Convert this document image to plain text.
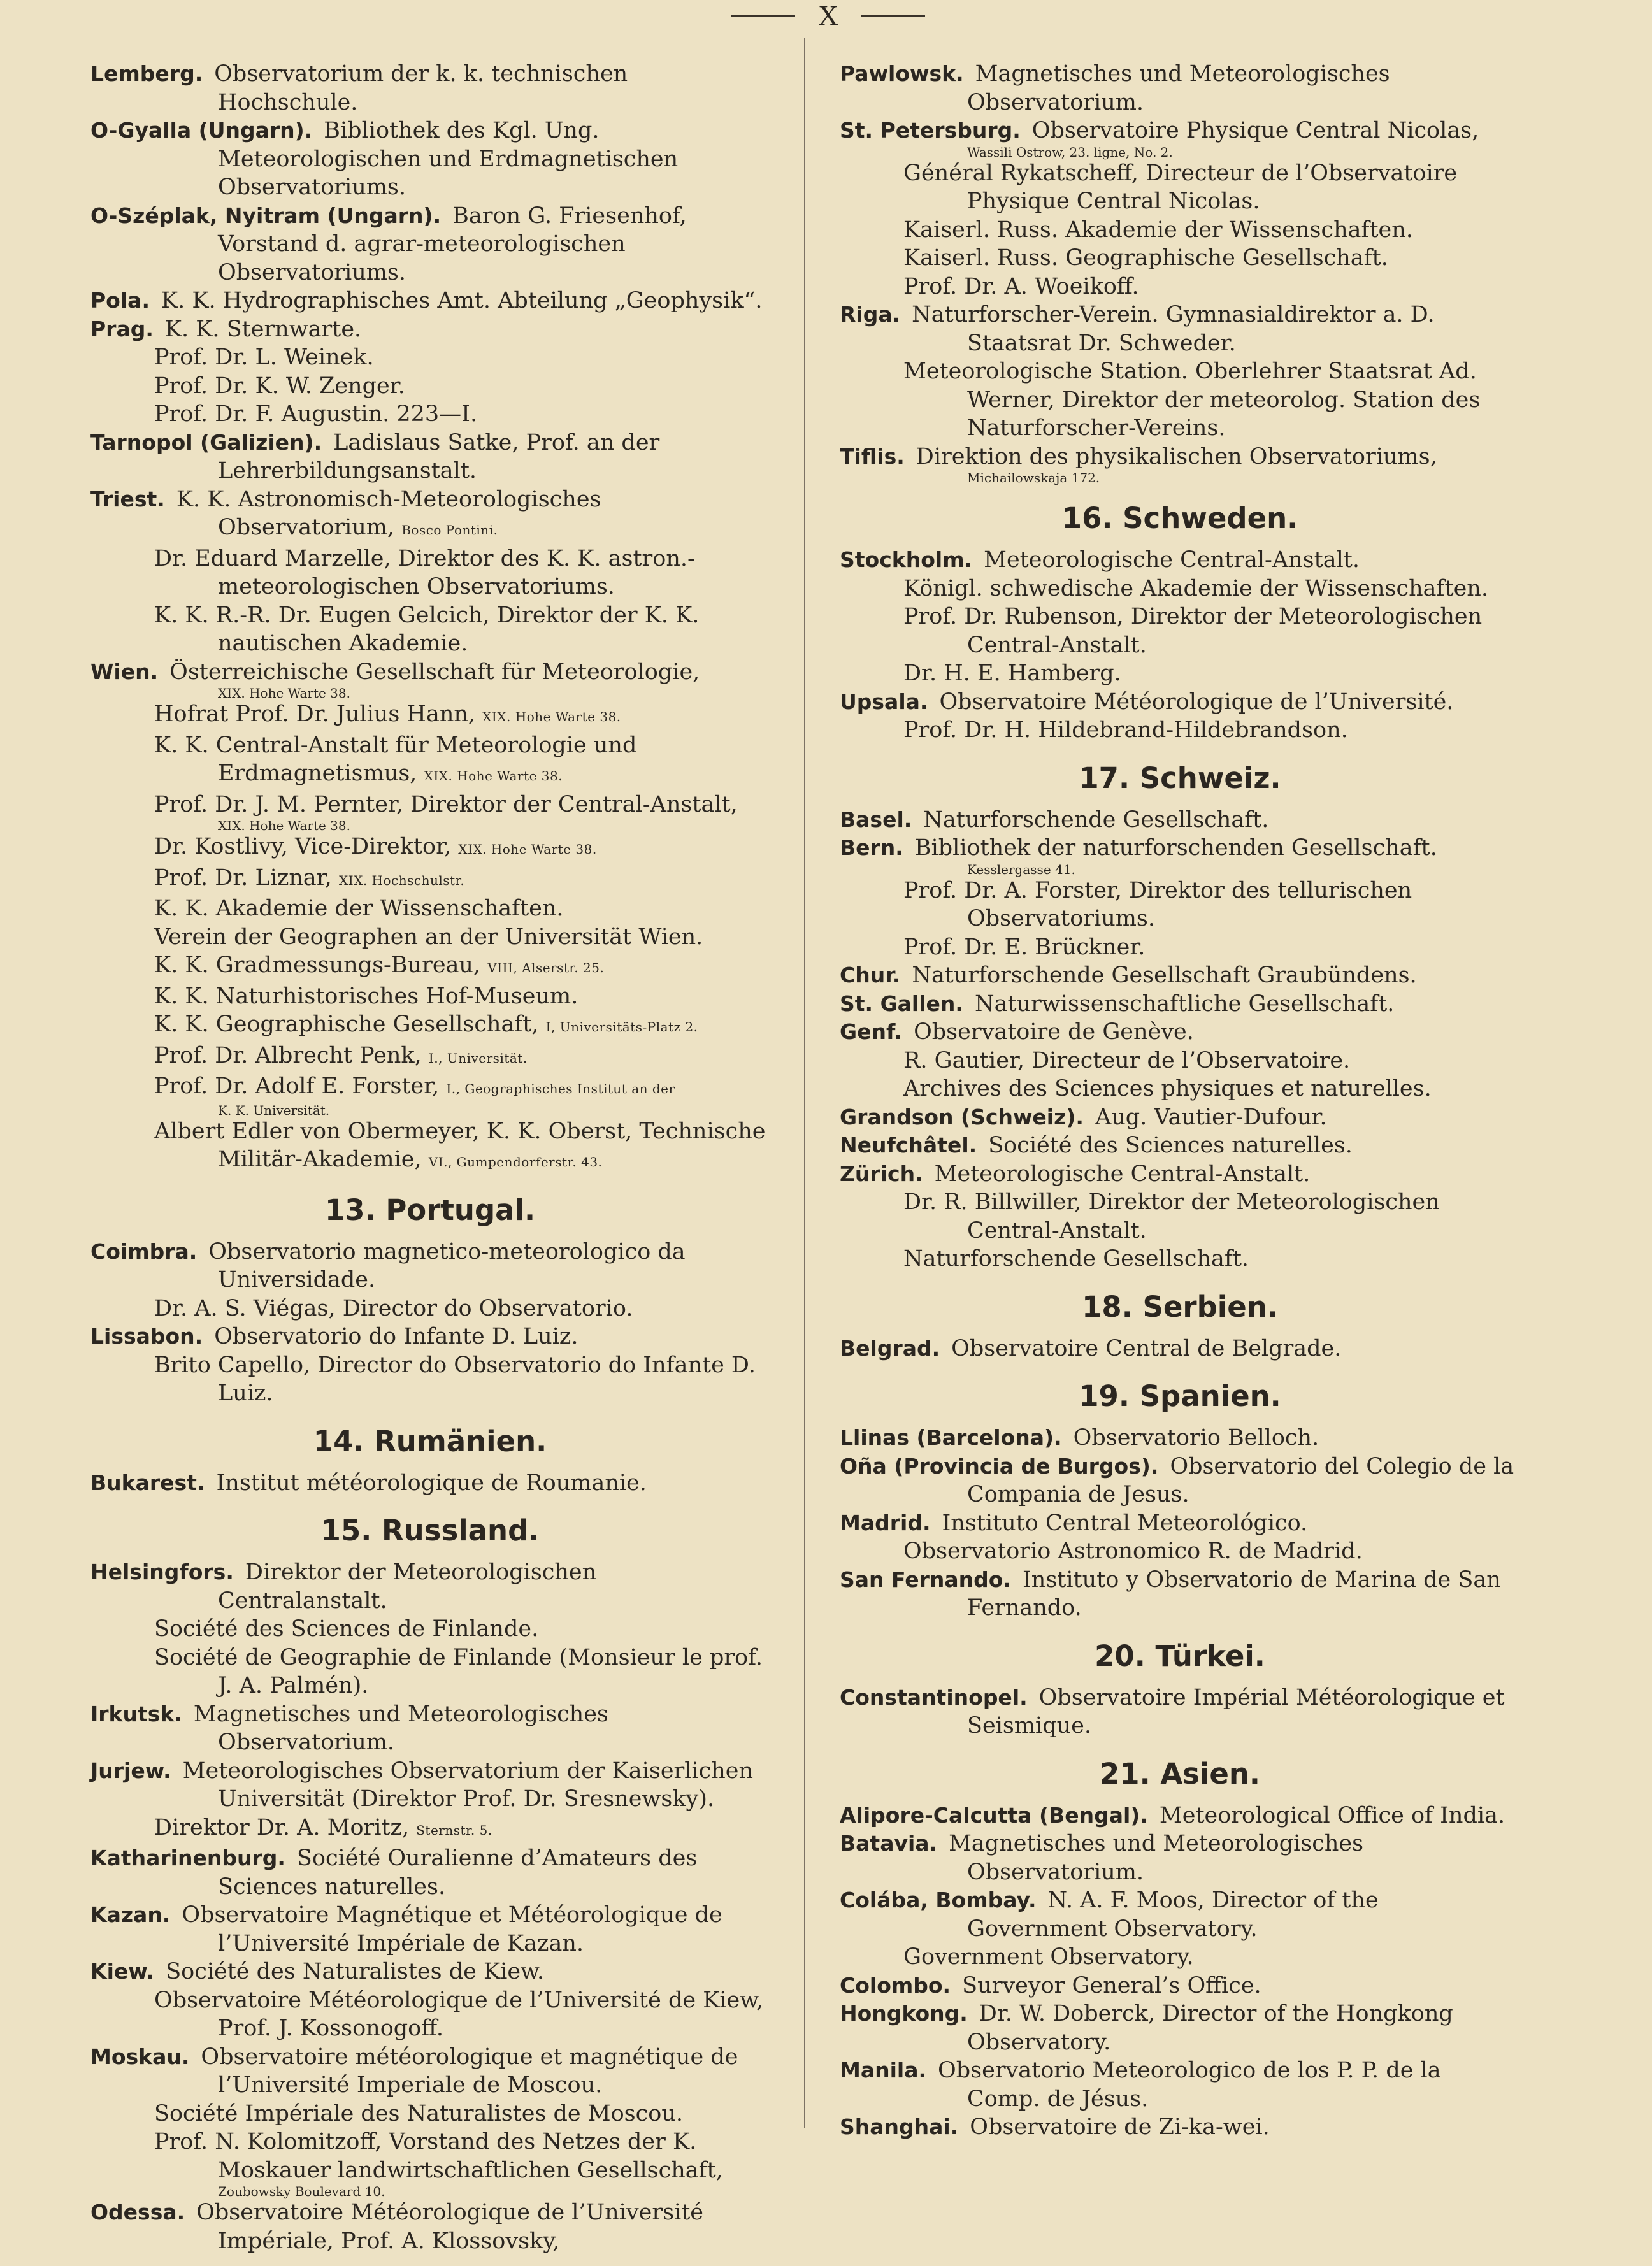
X
Lemberg. Observatorium der k. k. technischen Hochschule.
O-Gyalla (Ungarn). Bibliothek des Kgl. Ung. Meteorologischen und Erdmagnetischen Observatoriums.
O-Széplak, Nyitram (Ungarn). Baron G. Friesenhof, Vorstand d. agrar-meteorologischen Observatoriums.
Pola. K. K. Hydrographisches Amt. Abteilung „Geophysik“.
Prag. K. K. Sternwarte.
Prof. Dr. L. Weinek.
Prof. Dr. K. W. Zenger.
Prof. Dr. F. Augustin. 223—I.
Tarnopol (Galizien). Ladislaus Satke, Prof. an der Lehrerbildungsanstalt.
Triest. K. K. Astronomisch-Meteorologisches Observatorium, Bosco Pontini.
Dr. Eduard Marzelle, Direktor des K. K. astron.-meteorologischen Observatoriums.
K. K. R.-R. Dr. Eugen Gelcich, Direktor der K. K. nautischen Akademie.
Wien. Österreichische Gesellschaft für Meteorologie,
XIX. Hohe Warte 38.
Hofrat Prof. Dr. Julius Hann, XIX. Hohe Warte 38.
K. K. Central-Anstalt für Meteorologie und Erdmagnetismus, XIX. Hohe Warte 38.
Prof. Dr. J. M. Pernter, Direktor der Central-Anstalt,
XIX. Hohe Warte 38.
Dr. Kostlivy, Vice-Direktor, XIX. Hohe Warte 38.
Prof. Dr. Liznar, XIX. Hochschulstr.
K. K. Akademie der Wissenschaften.
Verein der Geographen an der Universität Wien.
K. K. Gradmessungs-Bureau, VIII, Alserstr. 25.
K. K. Naturhistorisches Hof-Museum.
K. K. Geographische Gesellschaft, I, Universitäts-Platz 2.
Prof. Dr. Albrecht Penk, I., Universität.
Prof. Dr. Adolf E. Forster, I., Geographisches Institut an der
K. K. Universität.
Albert Edler von Obermeyer, K. K. Oberst, Technische Militär-Akademie, VI., Gumpendorferstr. 43.
13. Portugal.
Coimbra. Observatorio magnetico-meteorologico da Universidade.
Dr. A. S. Viégas, Director do Observatorio.
Lissabon. Observatorio do Infante D. Luiz.
Brito Capello, Director do Observatorio do Infante D. Luiz.
14. Rumänien.
Bukarest. Institut météorologique de Roumanie.
15. Russland.
Helsingfors. Direktor der Meteorologischen Centralanstalt.
Société des Sciences de Finlande.
Société de Geographie de Finlande (Monsieur le prof. J. A. Palmén).
Irkutsk. Magnetisches und Meteorologisches Observatorium.
Jurjew. Meteorologisches Observatorium der Kaiserlichen Universität (Direktor Prof. Dr. Sresnewsky).
Direktor Dr. A. Moritz, Sternstr. 5.
Katharinenburg. Société Ouralienne d’Amateurs des Sciences naturelles.
Kazan. Observatoire Magnétique et Météorologique de l’Université Impériale de Kazan.
Kiew. Société des Naturalistes de Kiew.
Observatoire Météorologique de l’Université de Kiew, Prof. J. Kossonogoff.
Moskau. Observatoire météorologique et magnétique de l’Université Imperiale de Moscou.
Société Impériale des Naturalistes de Moscou.
Prof. N. Kolomitzoff, Vorstand des Netzes der K. Moskauer landwirtschaftlichen Gesellschaft,
Zoubowsky Boulevard 10.
Odessa. Observatoire Météorologique de l’Université Impériale, Prof. A. Klossovsky,
Pawlowsk. Magnetisches und Meteorologisches Observatorium.
St. Petersburg. Observatoire Physique Central Nicolas,
Wassili Ostrow, 23. ligne, No. 2.
Général Rykatscheff, Directeur de l’Observatoire Physique Central Nicolas.
Kaiserl. Russ. Akademie der Wissenschaften.
Kaiserl. Russ. Geographische Gesellschaft.
Prof. Dr. A. Woeikoff.
Riga. Naturforscher-Verein. Gymnasialdirektor a. D. Staatsrat Dr. Schweder.
Meteorologische Station. Oberlehrer Staatsrat Ad. Werner, Direktor der meteorolog. Station des Naturforscher-Vereins.
Tiflis. Direktion des physikalischen Observatoriums,
Michailowskaja 172.
16. Schweden.
Stockholm. Meteorologische Central-Anstalt.
Königl. schwedische Akademie der Wissenschaften.
Prof. Dr. Rubenson, Direktor der Meteorologischen Central-Anstalt.
Dr. H. E. Hamberg.
Upsala. Observatoire Météorologique de l’Université.
Prof. Dr. H. Hildebrand-Hildebrandson.
17. Schweiz.
Basel. Naturforschende Gesellschaft.
Bern. Bibliothek der naturforschenden Gesellschaft.
Kesslergasse 41.
Prof. Dr. A. Forster, Direktor des tellurischen Observatoriums.
Prof. Dr. E. Brückner.
Chur. Naturforschende Gesellschaft Graubündens.
St. Gallen. Naturwissenschaftliche Gesellschaft.
Genf. Observatoire de Genève.
R. Gautier, Directeur de l’Observatoire.
Archives des Sciences physiques et naturelles.
Grandson (Schweiz). Aug. Vautier-Dufour.
Neufchâtel. Société des Sciences naturelles.
Zürich. Meteorologische Central-Anstalt.
Dr. R. Billwiller, Direktor der Meteorologischen Central-Anstalt.
Naturforschende Gesellschaft.
18. Serbien.
Belgrad. Observatoire Central de Belgrade.
19. Spanien.
Llinas (Barcelona). Observatorio Belloch.
Oña (Provincia de Burgos). Observatorio del Colegio de la Compania de Jesus.
Madrid. Instituto Central Meteorológico.
Observatorio Astronomico R. de Madrid.
San Fernando. Instituto y Observatorio de Marina de San Fernando.
20. Türkei.
Constantinopel. Observatoire Impérial Météorologique et Seismique.
21. Asien.
Alipore-Calcutta (Bengal). Meteorological Office of India.
Batavia. Magnetisches und Meteorologisches Observatorium.
Colába, Bombay. N. A. F. Moos, Director of the Government Observatory.
Government Observatory.
Colombo. Surveyor General’s Office.
Hongkong. Dr. W. Doberck, Director of the Hongkong Observatory.
Manila. Observatorio Meteorologico de los P. P. de la Comp. de Jésus.
Shanghai. Observatoire de Zi-ka-wei.
